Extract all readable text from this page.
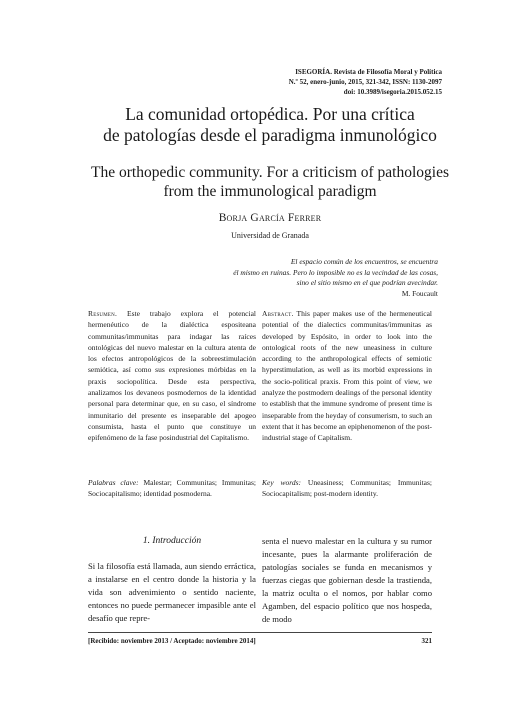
ISEGORÍA. Revista de Filosofía Moral y Política
N.º 52, enero-junio, 2015, 321-342, ISSN: 1130-2097
doi: 10.3989/isegoria.2015.052.15
La comunidad ortopédica. Por una crítica
de patologías desde el paradigma inmunológico
The orthopedic community. For a criticism of pathologies
from the immunological paradigm
Borja García Ferrer
Universidad de Granada
El espacio común de los encuentros, se encuentra
él mismo en ruinas. Pero lo imposible no es la vecindad de las cosas,
sino el sitio mismo en el que podrían avecindar.
M. Foucault
Resumen. Este trabajo explora el potencial hermenéutico de la dialéctica espositeana communitas/immunitas para indagar las raíces ontológicas del nuevo malestar en la cultura atenta de los efectos antropológicos de la sobreestimulación semiótica, así como sus expresiones mórbidas en la praxis sociopolítica. Desde esta perspectiva, analizamos los devaneos posmodernos de la identidad personal para determinar que, en su caso, el síndrome inmunitario del presente es inseparable del apogeo consumista, hasta el punto que constituye un epifenómeno de la fase posindustrial del Capitalismo.
Abstract. This paper makes use of the hermeneutical potential of the dialectics communitas/immunitas as developed by Espósito, in order to look into the ontological roots of the new uneasiness in culture according to the anthropological effects of semiotic hyperstimulation, as well as its morbid expressions in the socio-political praxis. From this point of view, we analyze the postmodern dealings of the personal identity to establish that the immune syndrome of present time is inseparable from the heyday of consumerism, to such an extent that it has become an epiphenomenon of the post-industrial stage of Capitalism.
Palabras clave: Malestar; Communitas; Immunitas; Sociocapitalismo; identidad posmoderna.
Key words: Uneasiness; Communitas; Immunitas; Sociocapitalism; post-modern identity.
1. Introducción
Si la filosofía está llamada, aun siendo erráctica, a instalarse en el centro donde la historia y la vida son advenimiento o sentido naciente, entonces no puede permanecer impasible ante el desafío que repre-
senta el nuevo malestar en la cultura y su rumor incesante, pues la alarmante proliferación de patologías sociales se funda en mecanismos y fuerzas ciegas que gobiernan desde la trastienda, la matriz oculta o el nomos, por hablar como Agamben, del espacio político que nos hospeda, de modo
[Recibido: noviembre 2013 / Aceptado: noviembre 2014]	321
